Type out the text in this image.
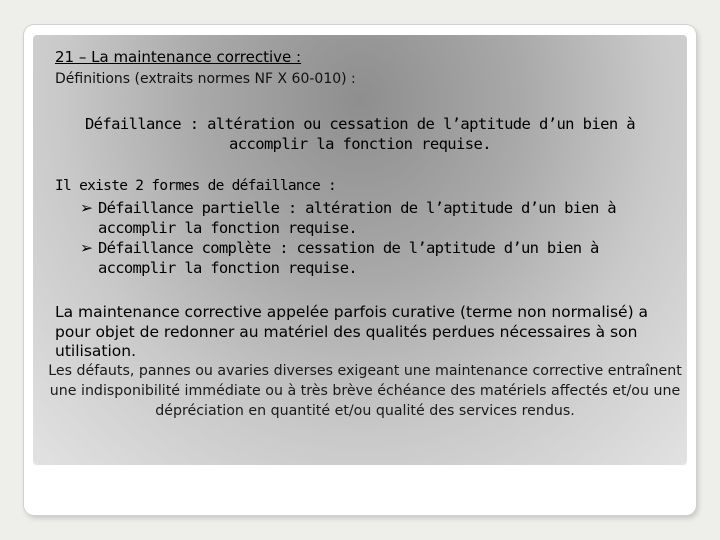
21 – La maintenance corrective :
Définitions (extraits normes NF X 60-010) :
Défaillance : altération ou cessation de l’aptitude d’un bien à accomplir la fonction requise.
Il existe 2 formes de défaillance :
➢ Défaillance partielle : altération de l’aptitude d’un bien à
accomplir la fonction requise.
➢ Défaillance complète : cessation de l’aptitude d’un bien à
accomplir la fonction requise.
La maintenance corrective appelée parfois curative (terme non normalisé) a pour objet de redonner au matériel des qualités perdues nécessaires à son utilisation.
Les défauts, pannes ou avaries diverses exigeant une maintenance corrective entraînent une indisponibilité immédiate ou à très brève échéance des matériels affectés et/ou une dépréciation en quantité et/ou qualité des services rendus.
